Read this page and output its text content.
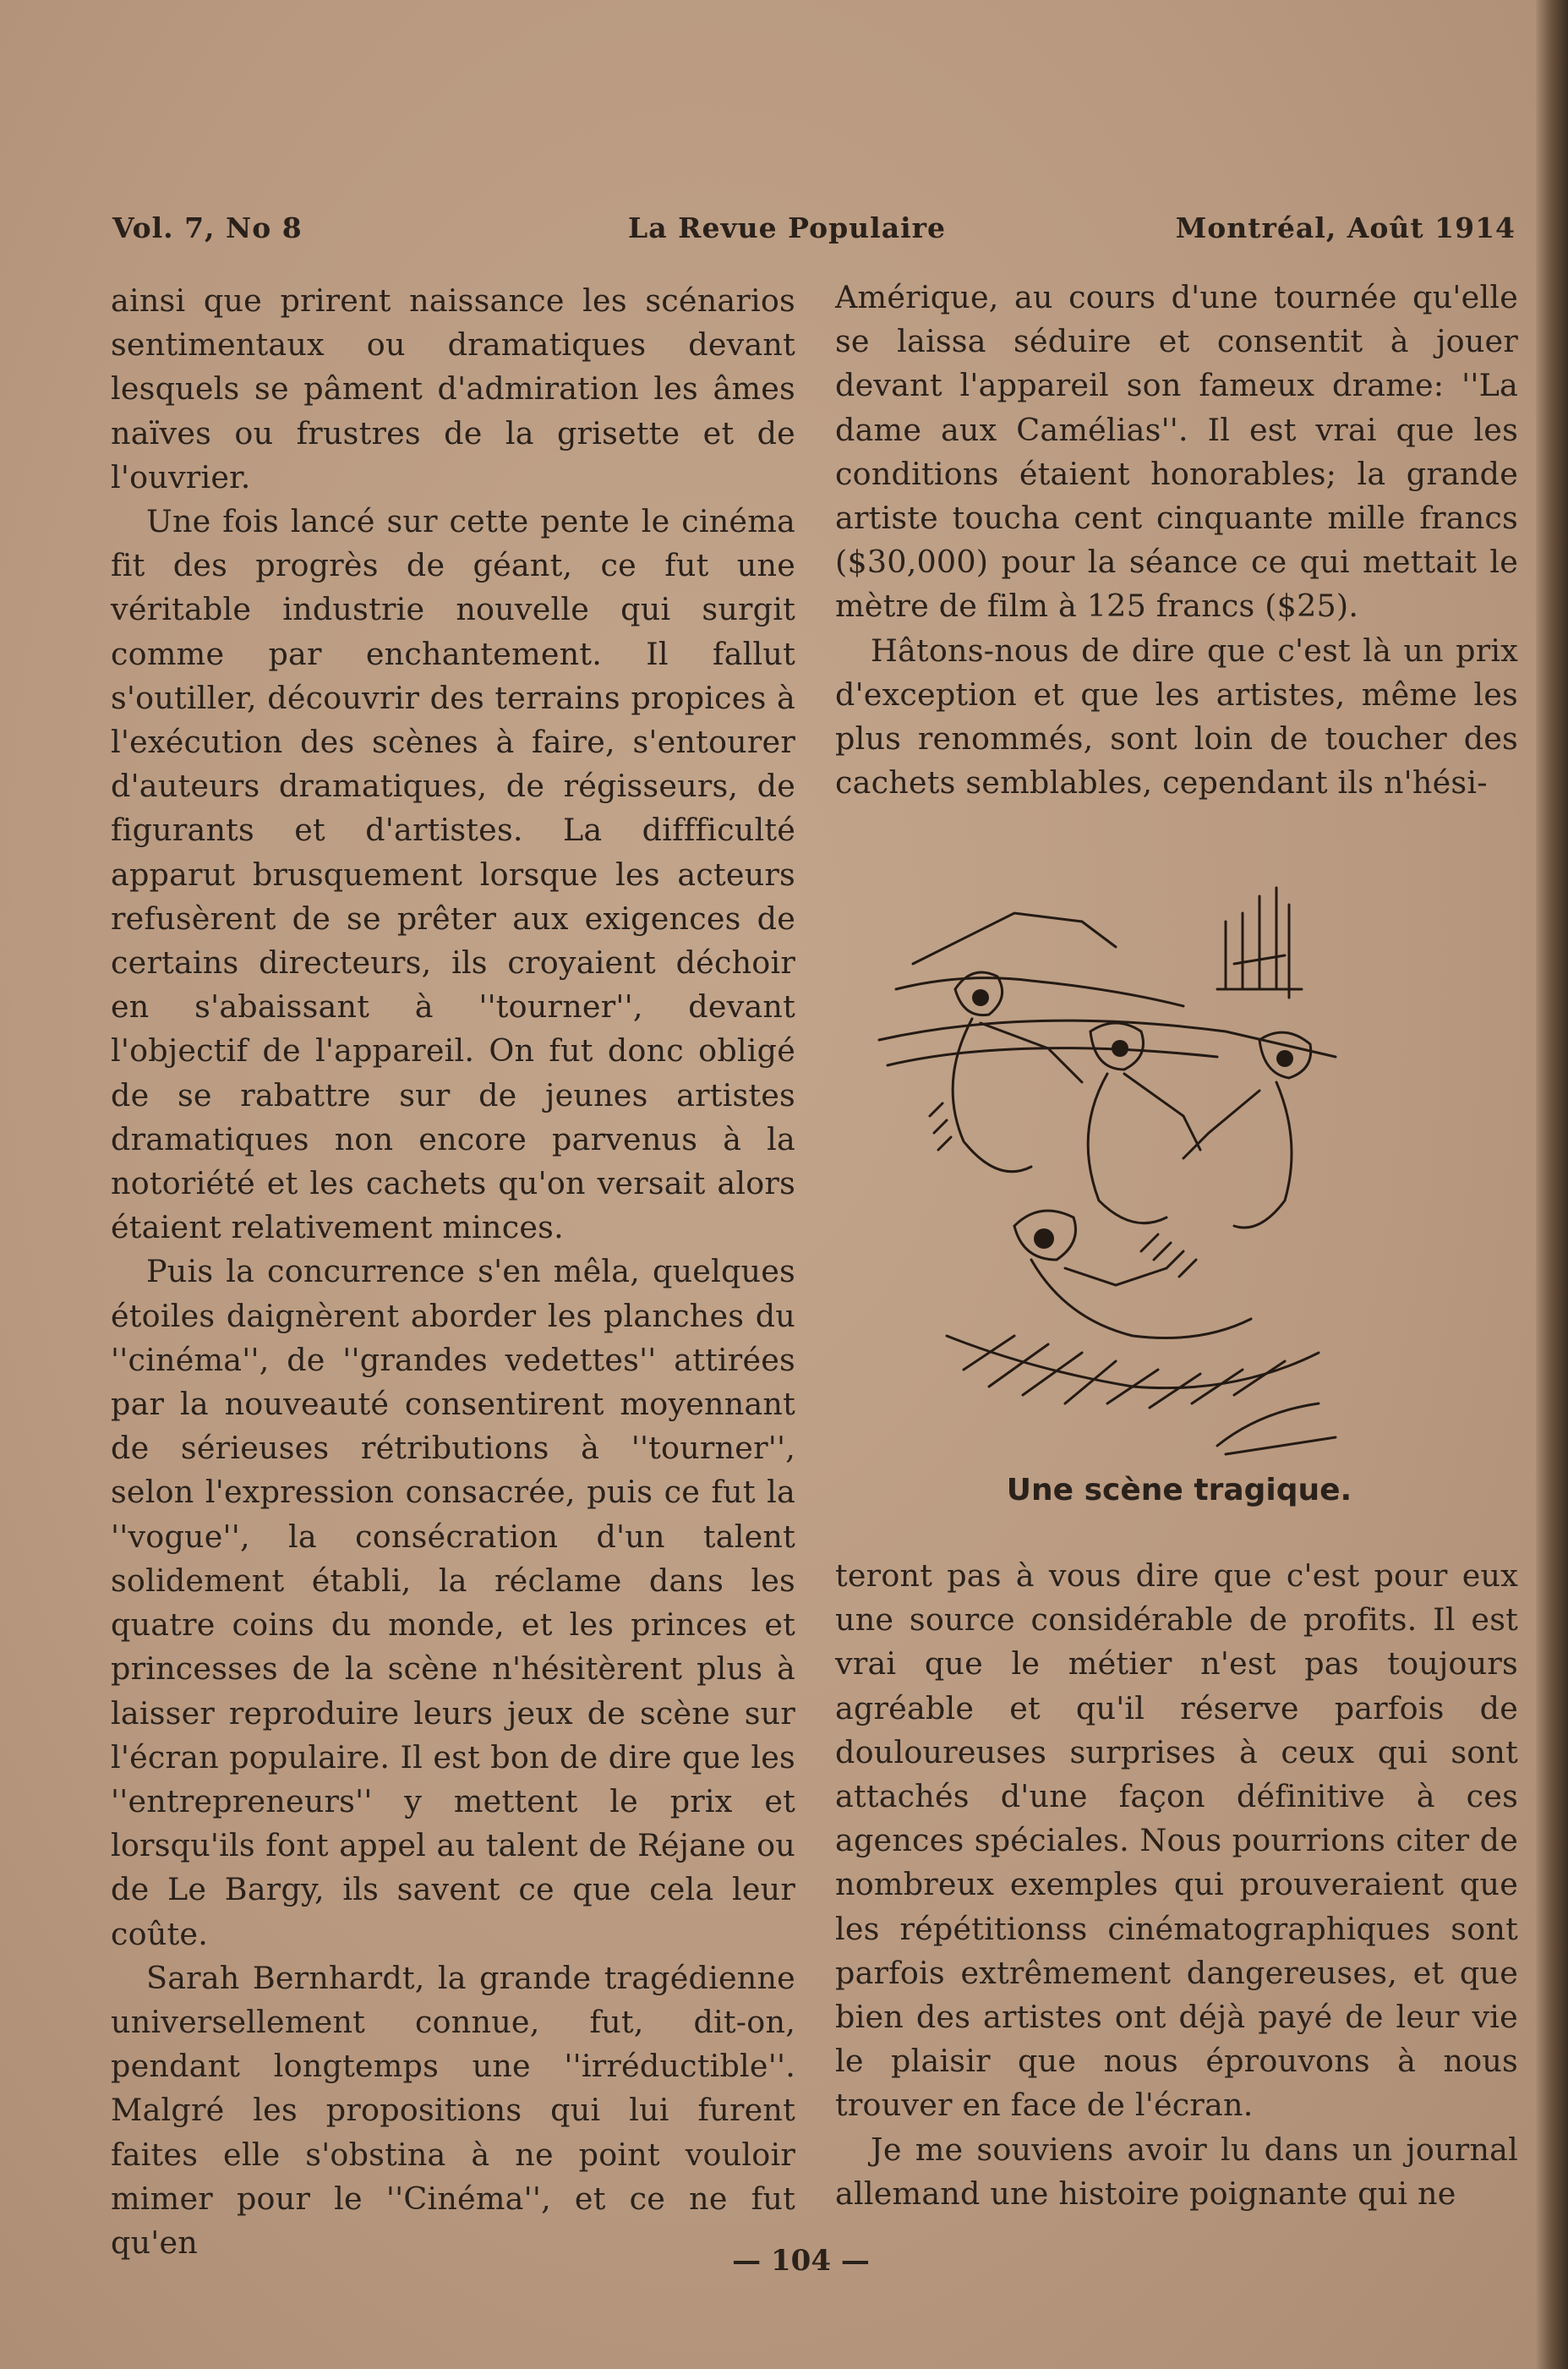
Vol. 7, No 8	La Revue Populaire	Montréal, Août 1914

ainsi que prirent naissance les scénarios sentimentaux ou dramatiques devant lesquels se pâment d'admiration les âmes naïves ou frustres de la grisette et de l'ouvrier.

Une fois lancé sur cette pente le cinéma fit des progrès de géant, ce fut une véritable industrie nouvelle qui surgit comme par enchantement. Il fallut s'outiller, découvrir des terrains propices à l'exécution des scènes à faire, s'entourer d'auteurs dramatiques, de régisseurs, de figurants et d'artistes. La diffficulté apparut brusquement lorsque les acteurs refusèrent de se prêter aux exigences de certains directeurs, ils croyaient déchoir en s'abaissant à ''tourner'', devant l'objectif de l'appareil. On fut donc obligé de se rabattre sur de jeunes artistes dramatiques non encore parvenus à la notoriété et les cachets qu'on versait alors étaient relativement minces.

Puis la concurrence s'en mêla, quelques étoiles daignèrent aborder les planches du ''cinéma'', de ''grandes vedettes'' attirées par la nouveauté consentirent moyennant de sérieuses rétributions à ''tourner'', selon l'expression consacrée, puis ce fut la ''vogue'', la consécration d'un talent solidement établi, la réclame dans les quatre coins du monde, et les princes et princesses de la scène n'hésitèrent plus à laisser reproduire leurs jeux de scène sur l'écran populaire. Il est bon de dire que les ''entrepreneurs'' y mettent le prix et lorsqu'ils font appel au talent de Réjane ou de Le Bargy, ils savent ce que cela leur coûte.

Sarah Bernhardt, la grande tragédienne universellement connue, fut, dit-on, pendant longtemps une ''irréductible''. Malgré les propositions qui lui furent faites elle s'obstina à ne point vouloir mimer pour le ''Cinéma'', et ce ne fut qu'en

Amérique, au cours d'une tournée qu'elle se laissa séduire et consentit à jouer devant l'appareil son fameux drame: ''La dame aux Camélias''. Il est vrai que les conditions étaient honorables; la grande artiste toucha cent cinquante mille francs ($30,000) pour la séance ce qui mettait le mètre de film à 125 francs ($25).

Hâtons-nous de dire que c'est là un prix d'exception et que les artistes, même les plus renommés, sont loin de toucher des cachets semblables, cependant ils n'hési-

Une scène tragique.

teront pas à vous dire que c'est pour eux une source considérable de profits. Il est vrai que le métier n'est pas toujours agréable et qu'il réserve parfois de douloureuses surprises à ceux qui sont attachés d'une façon définitive à ces agences spéciales. Nous pourrions citer de nombreux exemples qui prouveraient que les répétitionss cinématographiques sont parfois extrêmement dangereuses, et que bien des artistes ont déjà payé de leur vie le plaisir que nous éprouvons à nous trouver en face de l'écran.

Je me souviens avoir lu dans un journal allemand une histoire poignante qui ne

— 104 —
